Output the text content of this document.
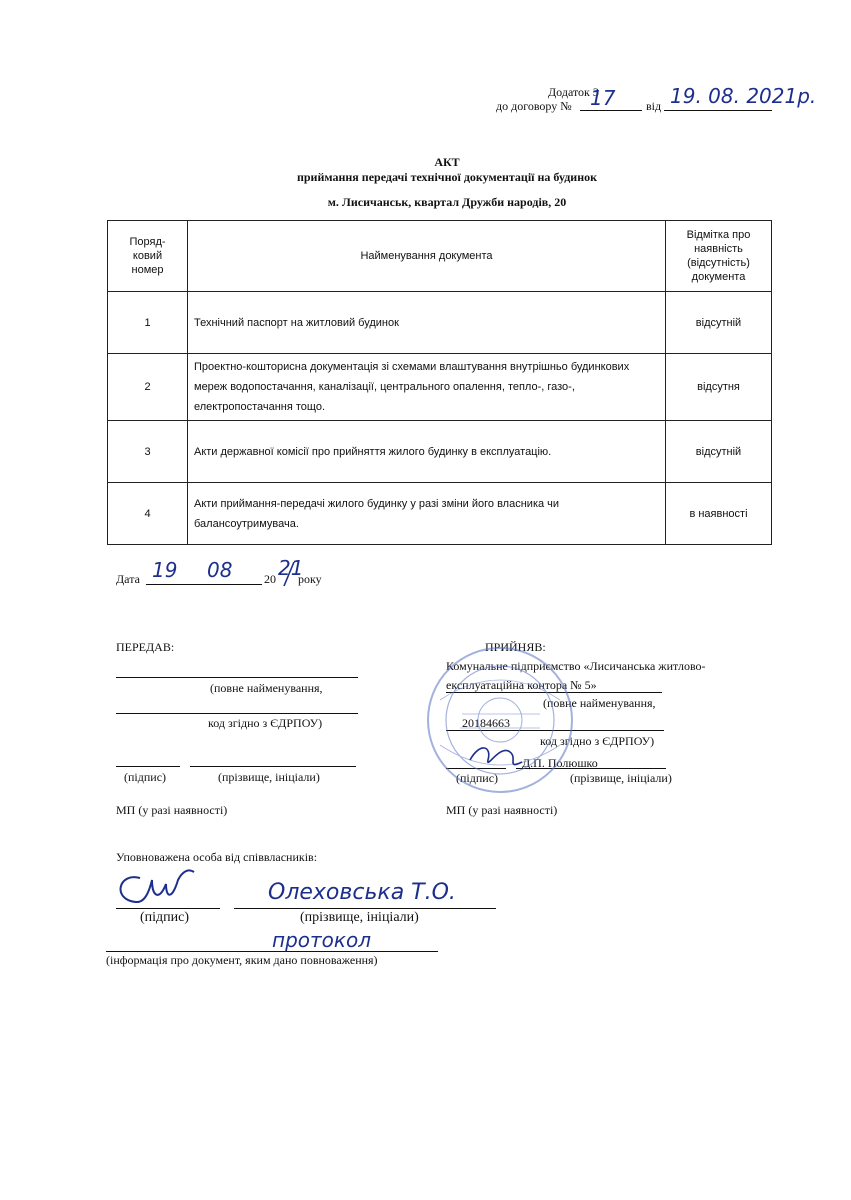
Додаток 3
до договору № 17	від 19. 08. 2021р.
АКТ
приймання передачі технічної документації на будинок
м. Лисичанськ, квартал Дружби народів, 20
Поряд-
ковий
номер	Найменування документа	Відмітка про
наявність
(відсутність)
документа
1	Технічний паспорт на житловий будинок	відсутній
2	Проектно-кошторисна документація зі схемами влаштування внутрішньо будинкових мереж водопостачання, каналізації, центрального опалення, тепло-, газо-, електропостачання тощо.	відсутня
3	Акти державної комісії про прийняття жилого будинку в експлуатацію.	відсутній
4	Акти приймання-передачі жилого будинку у разі зміни його власника чи балансоутримувача.	в наявності
Дата 19 08	20 21
року
ПЕРЕДАВ:
(повне найменування,
код згідно з ЄДРПОУ)
(підпис)	(прізвище, ініціали)
МП (у разі наявності)
ПРИЙНЯВ:
Комунальне підприємство «Лисичанська житлово-
експлуатаційна контора № 5»
(повне найменування,
20184663
код згідно з ЄДРПОУ)
Д.П. Полюшко
(підпис)	(прізвище, ініціали)
МП (у разі наявності)
Уповноважена особа від співвласників:
Олеховська Т.О.
(підпис)	(прізвище, ініціали)
протокол
(інформація про документ, яким дано повноваження)
